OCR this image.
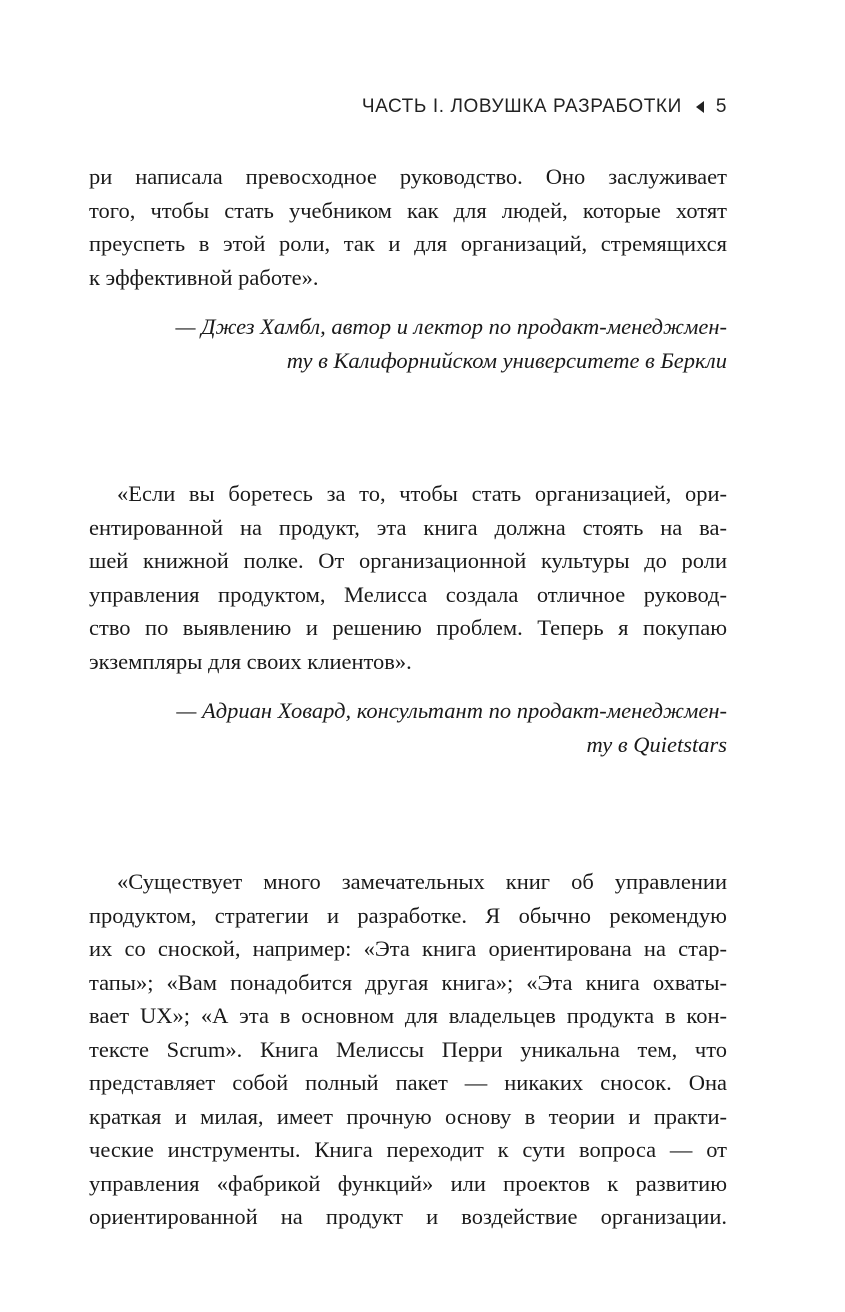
ЧАСТЬ I. ЛОВУШКА РАЗРАБОТКИ 5
ри написала превосходное руководство. Оно заслуживает
того, чтобы стать учебником как для людей, которые хотят
преуспеть в этой роли, так и для организаций, стремящихся
к эффективной работе».
— Джез Хамбл, автор и лектор по продакт-менеджмен-
ту в Калифорнийском университете в Беркли
«Если вы боретесь за то, чтобы стать организацией, ори-
ентированной на продукт, эта книга должна стоять на ва-
шей книжной полке. От организационной культуры до роли
управления продуктом, Мелисса создала отличное руковод-
ство по выявлению и решению проблем. Теперь я покупаю
экземпляры для своих клиентов».
— Адриан Ховард, консультант по продакт-менеджмен-
ту в Quietstars
«Существует много замечательных книг об управлении
продуктом, стратегии и разработке. Я обычно рекомендую
их со сноской, например: «Эта книга ориентирована на стар-
тапы»; «Вам понадобится другая книга»; «Эта книга охваты-
вает UX»; «А эта в основном для владельцев продукта в кон-
тексте Scrum». Книга Мелиссы Перри уникальна тем, что
представляет собой полный пакет — никаких сносок. Она
краткая и милая, имеет прочную основу в теории и практи-
ческие инструменты. Книга переходит к сути вопроса — от
управления «фабрикой функций» или проектов к развитию
ориентированной на продукт и воздействие организации.
